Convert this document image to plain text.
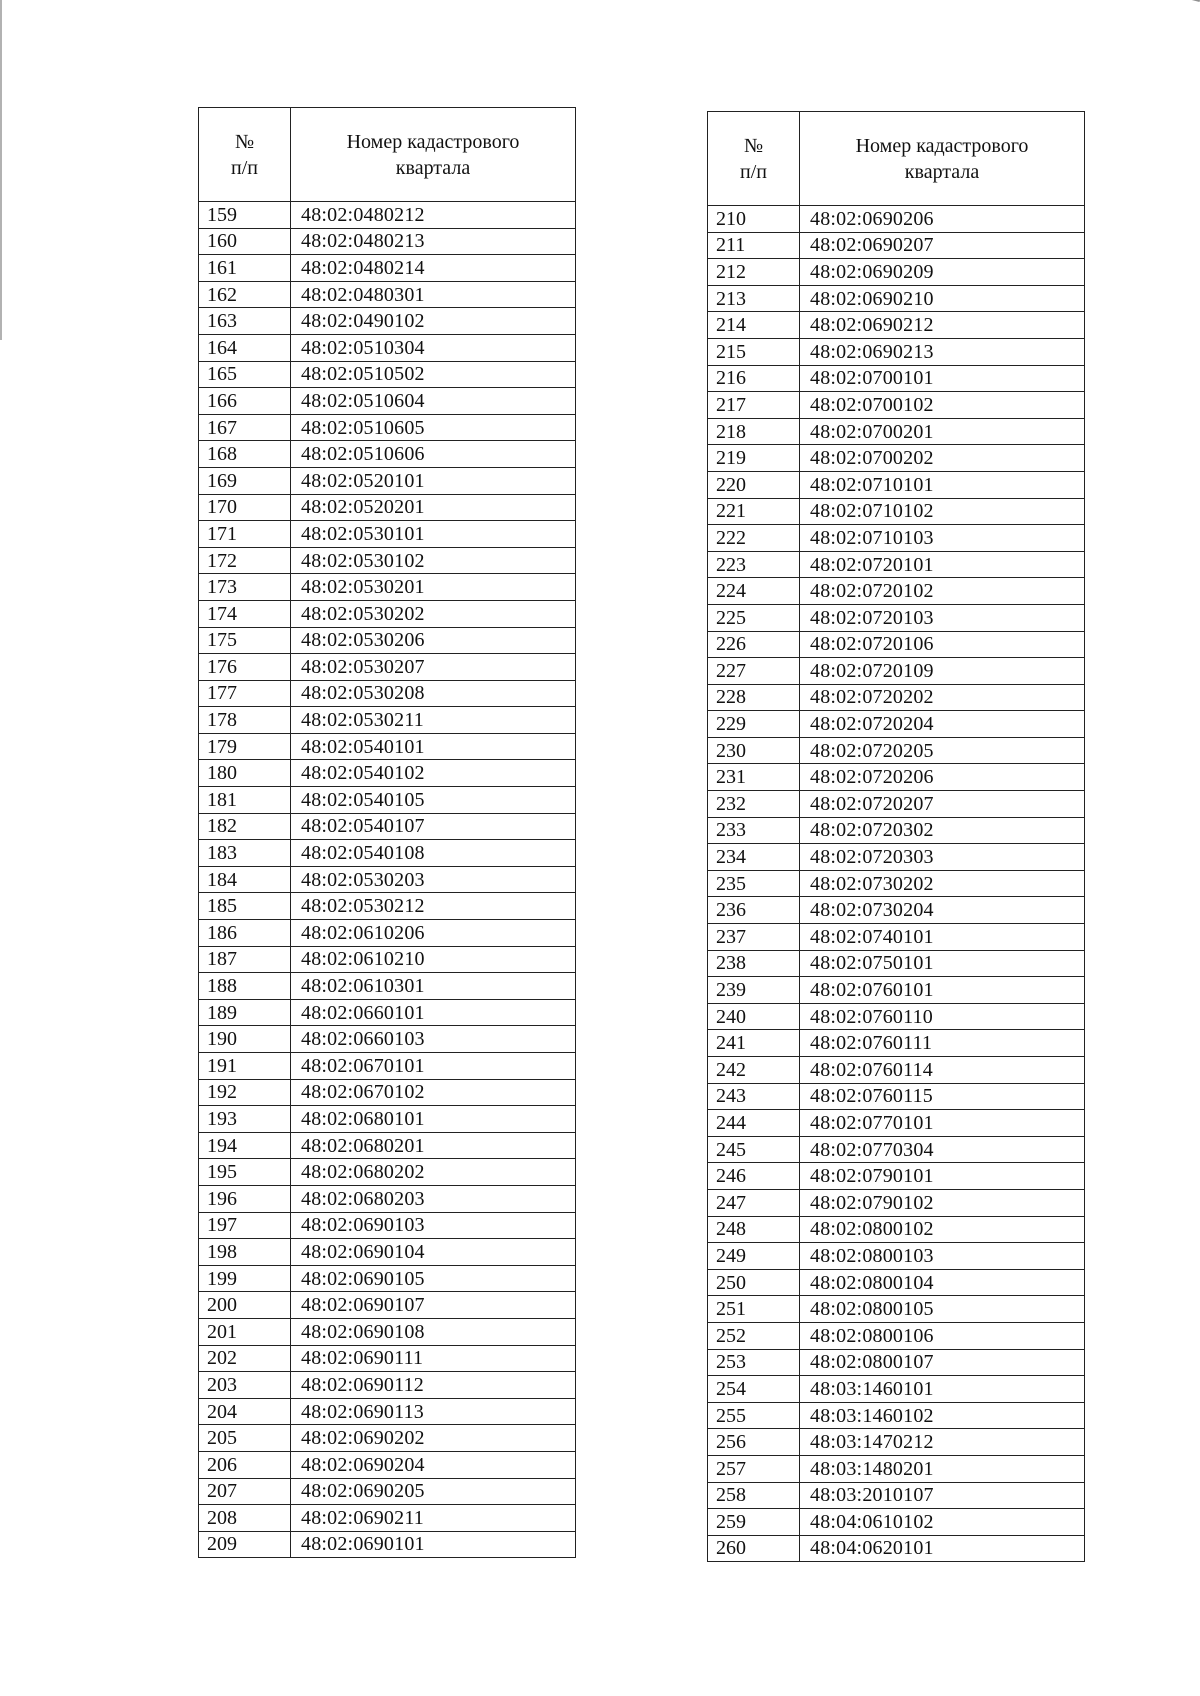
№
п/п	Номер кадастрового
квартала
159	48:02:0480212
160	48:02:0480213
161	48:02:0480214
162	48:02:0480301
163	48:02:0490102
164	48:02:0510304
165	48:02:0510502
166	48:02:0510604
167	48:02:0510605
168	48:02:0510606
169	48:02:0520101
170	48:02:0520201
171	48:02:0530101
172	48:02:0530102
173	48:02:0530201
174	48:02:0530202
175	48:02:0530206
176	48:02:0530207
177	48:02:0530208
178	48:02:0530211
179	48:02:0540101
180	48:02:0540102
181	48:02:0540105
182	48:02:0540107
183	48:02:0540108
184	48:02:0530203
185	48:02:0530212
186	48:02:0610206
187	48:02:0610210
188	48:02:0610301
189	48:02:0660101
190	48:02:0660103
191	48:02:0670101
192	48:02:0670102
193	48:02:0680101
194	48:02:0680201
195	48:02:0680202
196	48:02:0680203
197	48:02:0690103
198	48:02:0690104
199	48:02:0690105
200	48:02:0690107
201	48:02:0690108
202	48:02:0690111
203	48:02:0690112
204	48:02:0690113
205	48:02:0690202
206	48:02:0690204
207	48:02:0690205
208	48:02:0690211
209	48:02:0690101
№
п/п	Номер кадастрового
квартала
210	48:02:0690206
211	48:02:0690207
212	48:02:0690209
213	48:02:0690210
214	48:02:0690212
215	48:02:0690213
216	48:02:0700101
217	48:02:0700102
218	48:02:0700201
219	48:02:0700202
220	48:02:0710101
221	48:02:0710102
222	48:02:0710103
223	48:02:0720101
224	48:02:0720102
225	48:02:0720103
226	48:02:0720106
227	48:02:0720109
228	48:02:0720202
229	48:02:0720204
230	48:02:0720205
231	48:02:0720206
232	48:02:0720207
233	48:02:0720302
234	48:02:0720303
235	48:02:0730202
236	48:02:0730204
237	48:02:0740101
238	48:02:0750101
239	48:02:0760101
240	48:02:0760110
241	48:02:0760111
242	48:02:0760114
243	48:02:0760115
244	48:02:0770101
245	48:02:0770304
246	48:02:0790101
247	48:02:0790102
248	48:02:0800102
249	48:02:0800103
250	48:02:0800104
251	48:02:0800105
252	48:02:0800106
253	48:02:0800107
254	48:03:1460101
255	48:03:1460102
256	48:03:1470212
257	48:03:1480201
258	48:03:2010107
259	48:04:0610102
260	48:04:0620101
